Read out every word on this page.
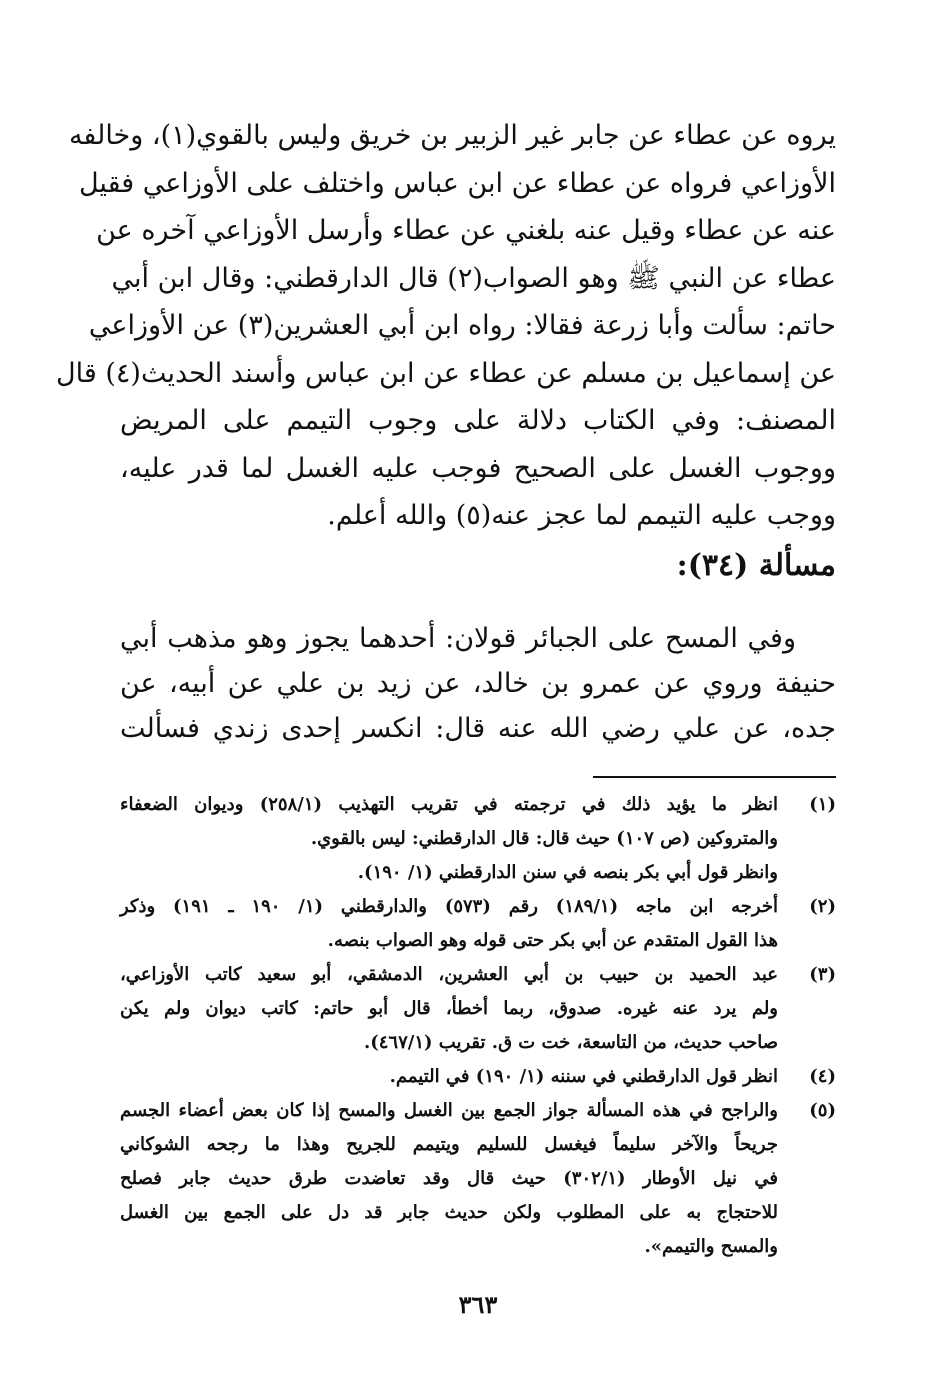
يروه عن عطاء عن جابر غير الزبير بن خريق وليس بالقوي(١)، وخالفه
الأوزاعي فرواه عن عطاء عن ابن عباس واختلف على الأوزاعي فقيل
عنه عن عطاء وقيل عنه بلغني عن عطاء وأرسل الأوزاعي آخره عن
عطاء عن النبي ﷺ وهو الصواب(٢) قال الدارقطني: وقال ابن أبي
حاتم: سألت وأبا زرعة فقالا: رواه ابن أبي العشرين(٣) عن الأوزاعي
عن إسماعيل بن مسلم عن عطاء عن ابن عباس وأسند الحديث(٤) قال
المصنف: وفي الكتاب دلالة على وجوب التيمم على المريض
ووجوب الغسل على الصحيح فوجب عليه الغسل لما قدر عليه،
ووجب عليه التيمم لما عجز عنه(٥) والله أعلم.
مسألة (٣٤):
وفي المسح على الجبائر قولان: أحدهما يجوز وهو مذهب أبي
حنيفة وروي عن عمرو بن خالد، عن زيد بن علي عن أبيه، عن
جده، عن علي رضي الله عنه قال: انكسر إحدى زندي فسألت
(١)
انظر ما يؤيد ذلك في ترجمته في تقريب التهذيب (٢٥٨/١) وديوان الضعفاء
والمتروكين (ص ١٠٧) حيث قال: قال الدارقطني: ليس بالقوي.
وانظر قول أبي بكر بنصه في سنن الدارقطني (١/ ١٩٠).
(٢)
أخرجه ابن ماجه (١٨٩/١) رقم (٥٧٣) والدارقطني (١/ ١٩٠ ـ ١٩١) وذكر
هذا القول المتقدم عن أبي بكر حتى قوله وهو الصواب بنصه.
(٣)
عبد الحميد بن حبيب بن أبي العشرين، الدمشقي، أبو سعيد كاتب الأوزاعي،
ولم يرد عنه غيره. صدوق، ربما أخطأ، قال أبو حاتم: كاتب ديوان ولم يكن
صاحب حديث، من التاسعة، خت ت ق. تقريب (٤٦٧/١).
(٤)
انظر قول الدارقطني في سننه (١/ ١٩٠) في التيمم.
(٥)
والراجح في هذه المسألة جواز الجمع بين الغسل والمسح إذا كان بعض أعضاء الجسم
جريحاً والآخر سليماً فيغسل للسليم ويتيمم للجريح وهذا ما رجحه الشوكاني
في نيل الأوطار (٣٠٢/١) حيث قال وقد تعاضدت طرق حديث جابر فصلح
للاحتجاج به على المطلوب ولكن حديث جابر قد دل على الجمع بين الغسل
والمسح والتيمم».
٣٦٣
